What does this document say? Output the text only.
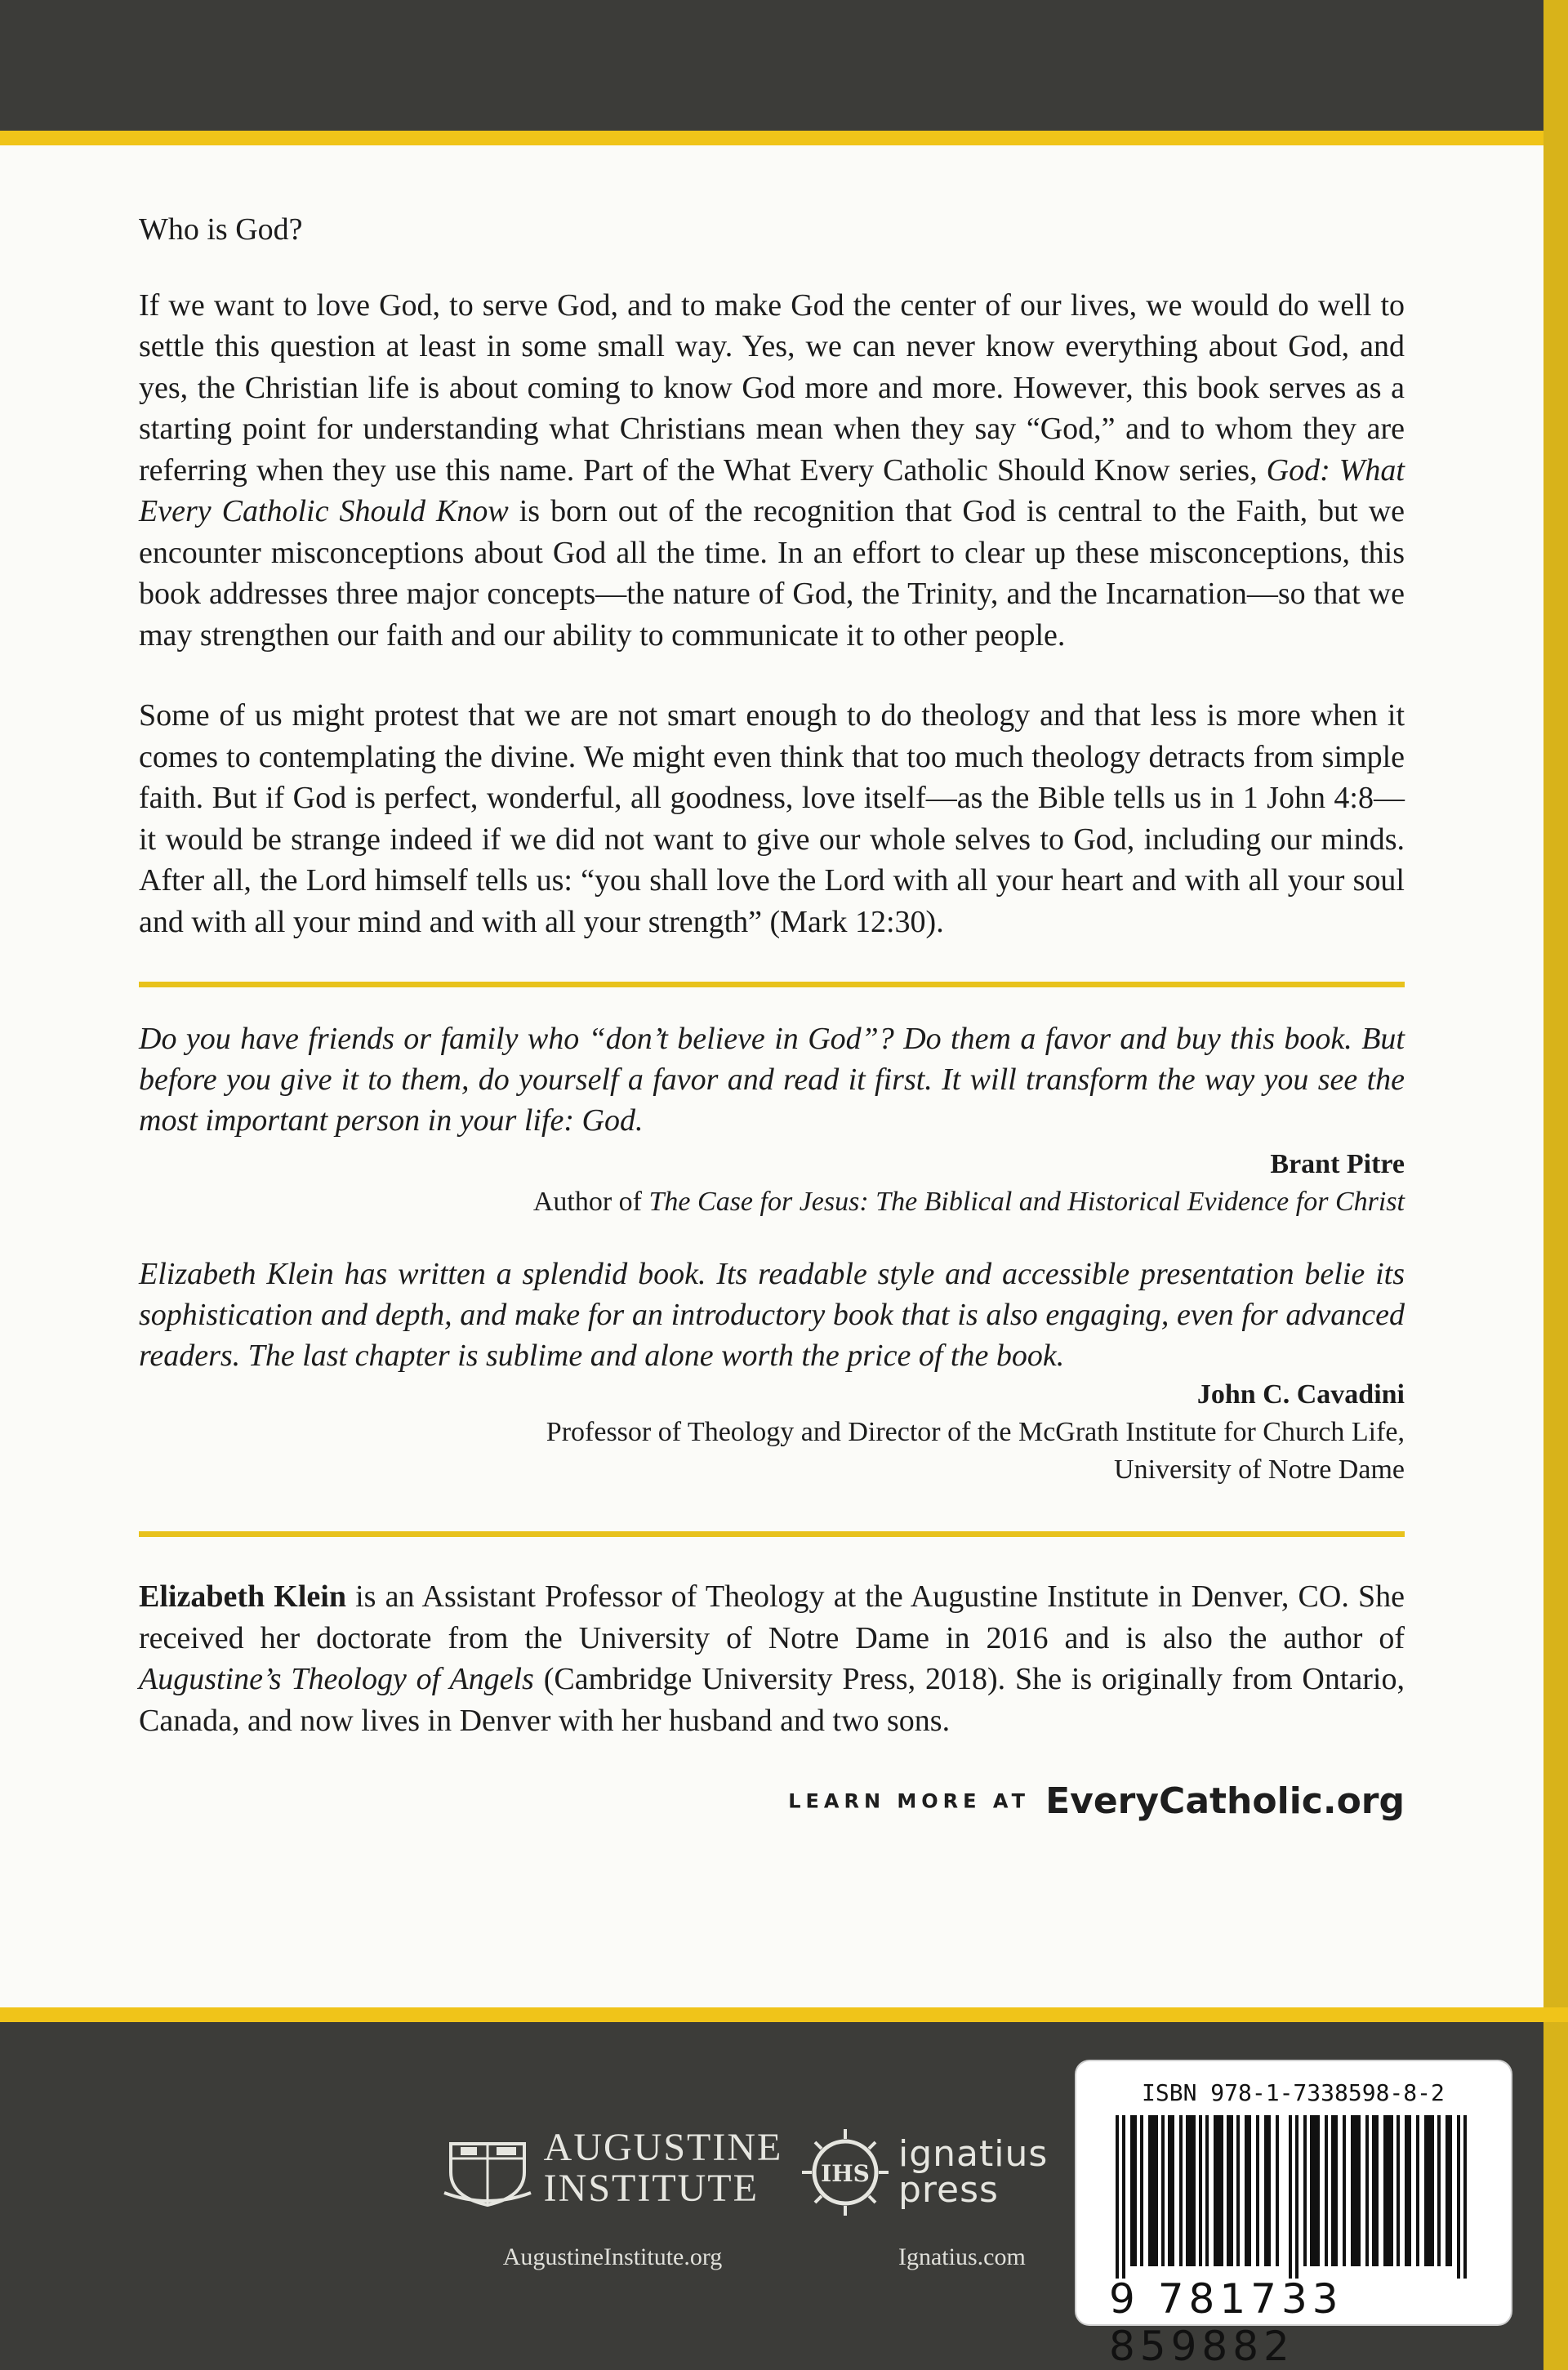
Who is God?

If we want to love God, to serve God, and to make God the center of our lives, we would do well to settle this question at least in some small way. Yes, we can never know everything about God, and yes, the Christian life is about coming to know God more and more. However, this book serves as a starting point for understanding what Christians mean when they say “God,” and to whom they are referring when they use this name. Part of the What Every Catholic Should Know series, God: What Every Catholic Should Know is born out of the recognition that God is central to the Faith, but we encounter misconceptions about God all the time. In an effort to clear up these misconceptions, this book addresses three major concepts—the nature of God, the Trinity, and the Incarnation—so that we may strengthen our faith and our ability to communicate it to other people.

Some of us might protest that we are not smart enough to do theology and that less is more when it comes to contemplating the divine. We might even think that too much theology detracts from simple faith. But if God is perfect, wonderful, all goodness, love itself—as the Bible tells us in 1 John 4:8—it would be strange indeed if we did not want to give our whole selves to God, including our minds. After all, the Lord himself tells us: “you shall love the Lord with all your heart and with all your soul and with all your mind and with all your strength” (Mark 12:30).

Do you have friends or family who “don’t believe in God”? Do them a favor and buy this book. But before you give it to them, do yourself a favor and read it first. It will transform the way you see the most important person in your life: God.

Brant Pitre

Author of The Case for Jesus: The Biblical and Historical Evidence for Christ

Elizabeth Klein has written a splendid book. Its readable style and accessible presentation belie its sophistication and depth, and make for an introductory book that is also engaging, even for advanced readers. The last chapter is sublime and alone worth the price of the book.

John C. Cavadini

Professor of Theology and Director of the McGrath Institute for Church Life,

University of Notre Dame

Elizabeth Klein is an Assistant Professor of Theology at the Augustine Institute in Denver, CO. She received her doctorate from the University of Notre Dame in 2016 and is also the author of Augustine’s Theology of Angels (Cambridge University Press, 2018). She is originally from Ontario, Canada, and now lives in Denver with her husband and two sons.

LEARN MORE AT EveryCatholic.org

AUGUSTINE
INSTITUTE
AugustineInstitute.org
IHS ignatius
press
Ignatius.com
ISBN 978-1-7338598-8-2
9 781733 859882
